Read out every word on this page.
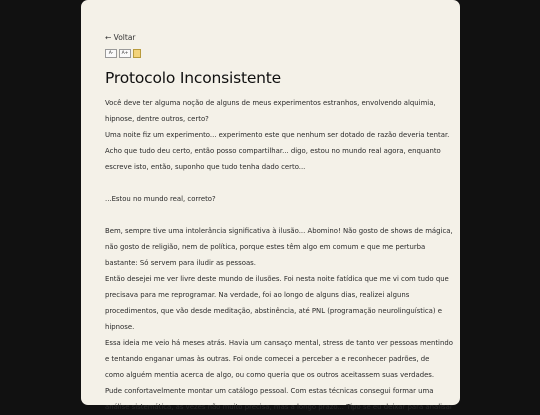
← Voltar
A-	A+
Protocolo Inconsistente

Você deve ter alguma noção de alguns de meus experimentos estranhos, envolvendo alquimia,

hipnose, dentre outros, certo?

Uma noite fiz um experimento... experimento este que nenhum ser dotado de razão deveria tentar.

Acho que tudo deu certo, então posso compartilhar... digo, estou no mundo real agora, enquanto

escreve isto, então, suponho que tudo tenha dado certo...

...Estou no mundo real, correto?

Bem, sempre tive uma intolerância significativa à ilusão... Abomino! Não gosto de shows de mágica,

não gosto de religião, nem de política, porque estes têm algo em comum e que me perturba

bastante: Só servem para iludir as pessoas.

Então desejei me ver livre deste mundo de ilusões. Foi nesta noite fatídica que me vi com tudo que

precisava para me reprogramar. Na verdade, foi ao longo de alguns dias, realizei alguns

procedimentos, que vão desde meditação, abstinência, até PNL (programação neurolinguística) e

hipnose.

Essa ideia me veio há meses atrás. Havia um cansaço mental, stress de tanto ver pessoas mentindo

e tentando enganar umas às outras. Foi onde comecei a perceber a e reconhecer padrões, de

como alguém mentia acerca de algo, ou como queria que os outros aceitassem suas verdades.

Pude confortavelmente montar um catálogo pessoal. Com estas técnicas consegui formar uma

análise sistemática, as vezes não muito precisa, mas a longo prazo... Tipo se eu deixar para analisar
